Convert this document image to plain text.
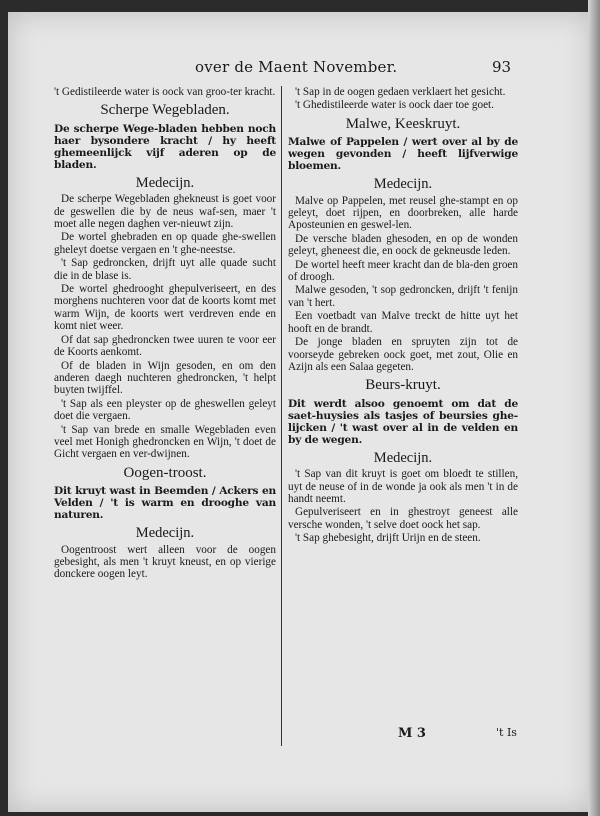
over de Maent November.	93

't Gedistileerde water is oock van groo-ter kracht.

Scherpe Wegebladen.
De scherpe Wege-bladen hebben noch haer bysondere kracht / hy heeft ghemeenlijck vijf aderen op de bladen.
Medecijn.

De scherpe Wegebladen ghekneust is goet voor de geswellen die by de neus waf-sen, maer 't moet alle negen daghen ver-nieuwt zijn.

De wortel ghebraden en op quade ghe-swellen gheleyt doetse vergaen en 't ghe-neestse.

't Sap gedroncken, drijft uyt alle quade sucht die in de blase is.

De wortel ghedrooght ghepulveriseert, en des morghens nuchteren voor dat de koorts komt met warm Wijn, de koorts wert verdreven ende en komt niet weer.

Of dat sap ghedroncken twee uuren te voor eer de Koorts aenkomt.

Of de bladen in Wijn gesoden, en om den anderen daegh nuchteren ghedroncken, 't helpt buyten twijffel.

't Sap als een pleyster op de gheswellen geleyt doet die vergaen.

't Sap van brede en smalle Wegebladen even veel met Honigh ghedroncken en Wijn, 't doet de Gicht vergaen en ver-dwijnen.

Oogen-troost.
Dit kruyt wast in Beemden / Ackers en Velden / 't is warm en drooghe van naturen.
Medecijn.

Oogentroost wert alleen voor de oogen gebesight, als men 't kruyt kneust, en op vierige donckere oogen leyt.

't Sap in de oogen gedaen verklaert het gesicht.

't Ghedistileerde water is oock daer toe goet.

Malwe, Keeskruyt.
Malwe of Pappelen / wert over al by de wegen gevonden / heeft lijfverwige bloemen.
Medecijn.

Malve op Pappelen, met reusel ghe-stampt en op geleyt, doet rijpen, en doorbreken, alle harde Aposteunien en geswel-len.

De versche bladen ghesoden, en op de wonden geleyt, gheneest die, en oock de gekneusde leden.

De wortel heeft meer kracht dan de bla-den groen of droogh.

Malwe gesoden, 't sop gedroncken, drijft 't fenijn van 't hert.

Een voetbadt van Malve treckt de hitte uyt het hooft en de brandt.

De jonge bladen en spruyten zijn tot de voorseyde gebreken oock goet, met zout, Olie en Azijn als een Salaa gegeten.

Beurs-kruyt.
Dit werdt alsoo genoemt om dat de saet-huysies als tasjes of beursies ghe-lijcken / 't wast over al in de velden en by de wegen.
Medecijn.

't Sap van dit kruyt is goet om bloedt te stillen, uyt de neuse of in de wonde ja ook als men 't in de handt neemt.

Gepulveriseert en in ghestroyt geneest alle versche wonden, 't selve doet oock het sap.

't Sap ghebesight, drijft Urijn en de steen.

M 3	't Is
